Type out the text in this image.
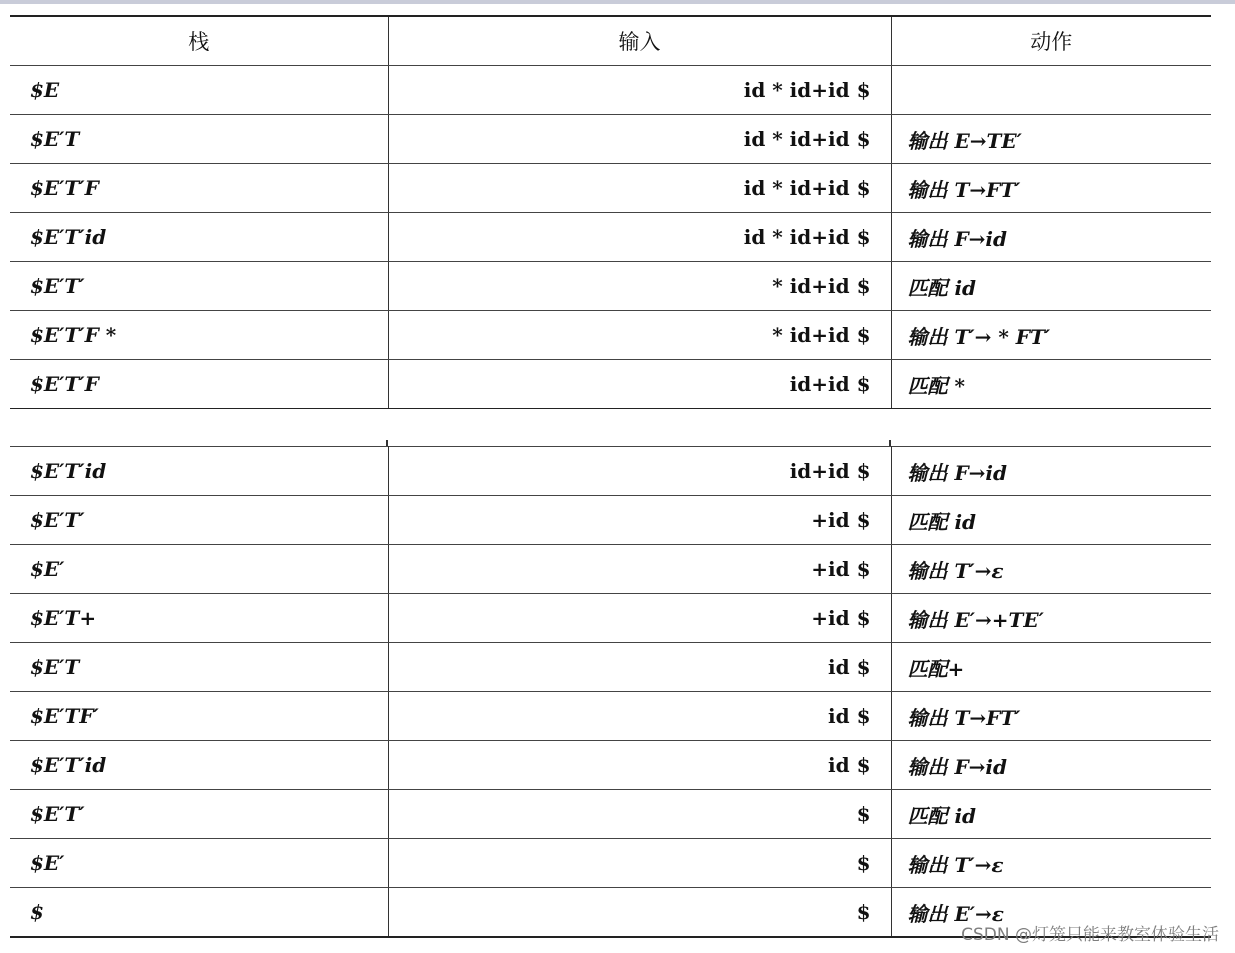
栈	输入	动作
$E	id * id+id $	
$E′T	id * id+id $	输出 E→TE′
$E′T′F	id * id+id $	输出 T→FT′
$E′T′id	id * id+id $	输出 F→id
$E′T′	* id+id $	匹配 id
$E′T′F *	* id+id $	输出 T′→ * FT′
$E′T′F	id+id $	匹配 *
$E′T′id	id+id $	输出 F→id
$E′T′	+id $	匹配 id
$E′	+id $	输出 T′→ε
$E′T+	+id $	输出 E′→+TE′
$E′T	id $	匹配+
$E′TF′	id $	输出 T→FT′
$E′T′id	id $	输出 F→id
$E′T′	$	匹配 id
$E′	$	输出 T′→ε
$	$	输出 E′→ε
CSDN @灯笼只能来教室体验生活
